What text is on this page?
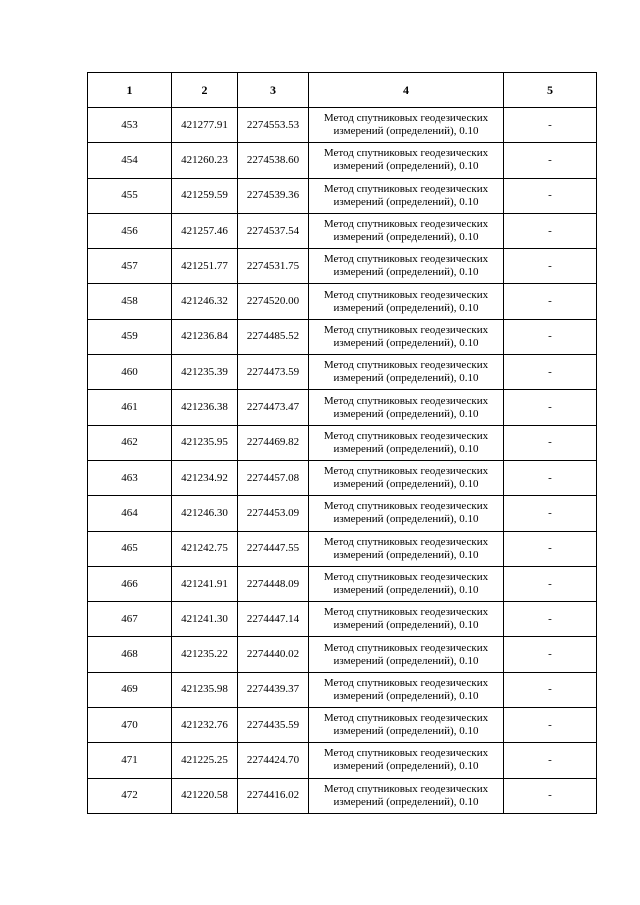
1	2	3	4	5
453	421277.91	2274553.53	Метод спутниковых геодезических
измерений (определений), 0.10	-
454	421260.23	2274538.60	Метод спутниковых геодезических
измерений (определений), 0.10	-
455	421259.59	2274539.36	Метод спутниковых геодезических
измерений (определений), 0.10	-
456	421257.46	2274537.54	Метод спутниковых геодезических
измерений (определений), 0.10	-
457	421251.77	2274531.75	Метод спутниковых геодезических
измерений (определений), 0.10	-
458	421246.32	2274520.00	Метод спутниковых геодезических
измерений (определений), 0.10	-
459	421236.84	2274485.52	Метод спутниковых геодезических
измерений (определений), 0.10	-
460	421235.39	2274473.59	Метод спутниковых геодезических
измерений (определений), 0.10	-
461	421236.38	2274473.47	Метод спутниковых геодезических
измерений (определений), 0.10	-
462	421235.95	2274469.82	Метод спутниковых геодезических
измерений (определений), 0.10	-
463	421234.92	2274457.08	Метод спутниковых геодезических
измерений (определений), 0.10	-
464	421246.30	2274453.09	Метод спутниковых геодезических
измерений (определений), 0.10	-
465	421242.75	2274447.55	Метод спутниковых геодезических
измерений (определений), 0.10	-
466	421241.91	2274448.09	Метод спутниковых геодезических
измерений (определений), 0.10	-
467	421241.30	2274447.14	Метод спутниковых геодезических
измерений (определений), 0.10	-
468	421235.22	2274440.02	Метод спутниковых геодезических
измерений (определений), 0.10	-
469	421235.98	2274439.37	Метод спутниковых геодезических
измерений (определений), 0.10	-
470	421232.76	2274435.59	Метод спутниковых геодезических
измерений (определений), 0.10	-
471	421225.25	2274424.70	Метод спутниковых геодезических
измерений (определений), 0.10	-
472	421220.58	2274416.02	Метод спутниковых геодезических
измерений (определений), 0.10	-
